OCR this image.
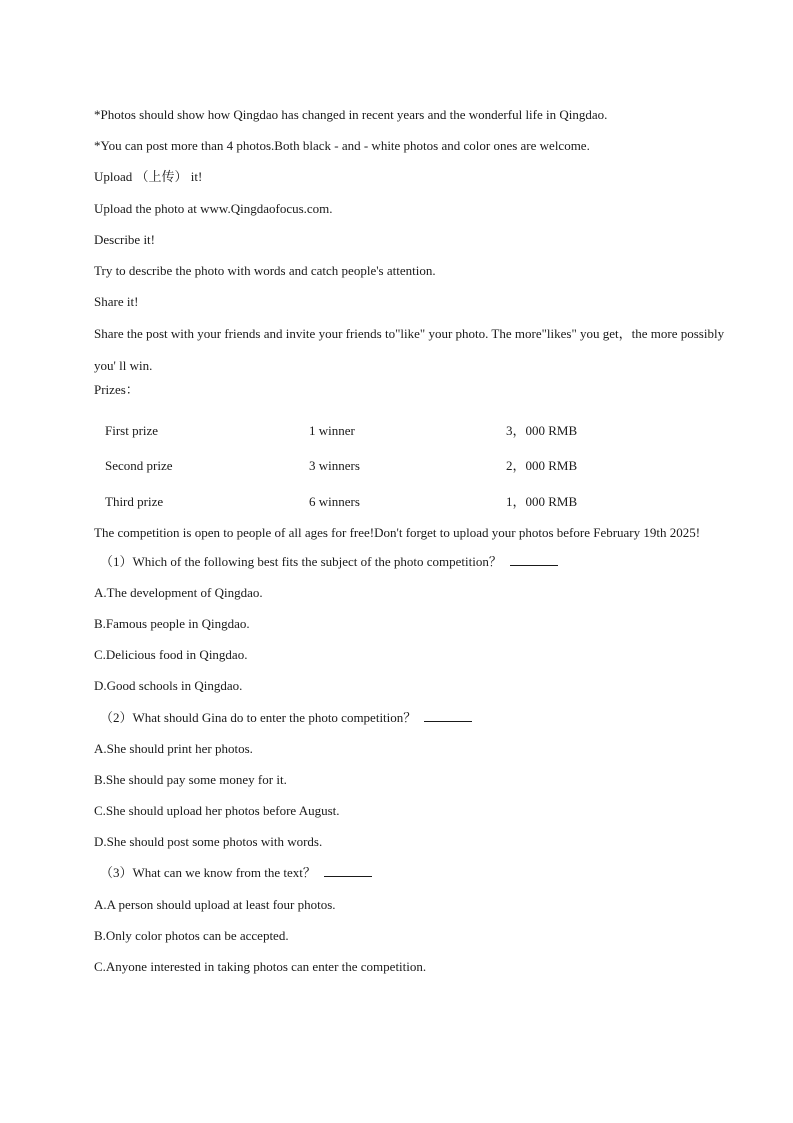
*Photos should show how Qingdao has changed in recent years and the wonderful life in Qingdao.
*You can post more than 4 photos.Both black - and - white photos and color ones are welcome.
Upload （上传） it!
Upload the photo at www.Qingdaofocus.com.
Describe it!
Try to describe the photo with words and catch people's attention.
Share it!
Share the post with your friends and invite your friends to"like" your photo. The more"likes" you get，the more possibly you' ll win.
Prizes：
First prize	1 winner	3，000 RMB
Second prize	3 winners	2，000 RMB
Third prize	6 winners	1，000 RMB
The competition is open to people of all ages for free!Don't forget to upload your photos before February 19th 2025!
（1）Which of the following best fits the subject of the photo competition？
A.The development of Qingdao.
B.Famous people in Qingdao.
C.Delicious food in Qingdao.
D.Good schools in Qingdao.
（2）What should Gina do to enter the photo competition？
A.She should print her photos.
B.She should pay some money for it.
C.She should upload her photos before August.
D.She should post some photos with words.
（3）What can we know from the text？
A.A person should upload at least four photos.
B.Only color photos can be accepted.
C.Anyone interested in taking photos can enter the competition.
